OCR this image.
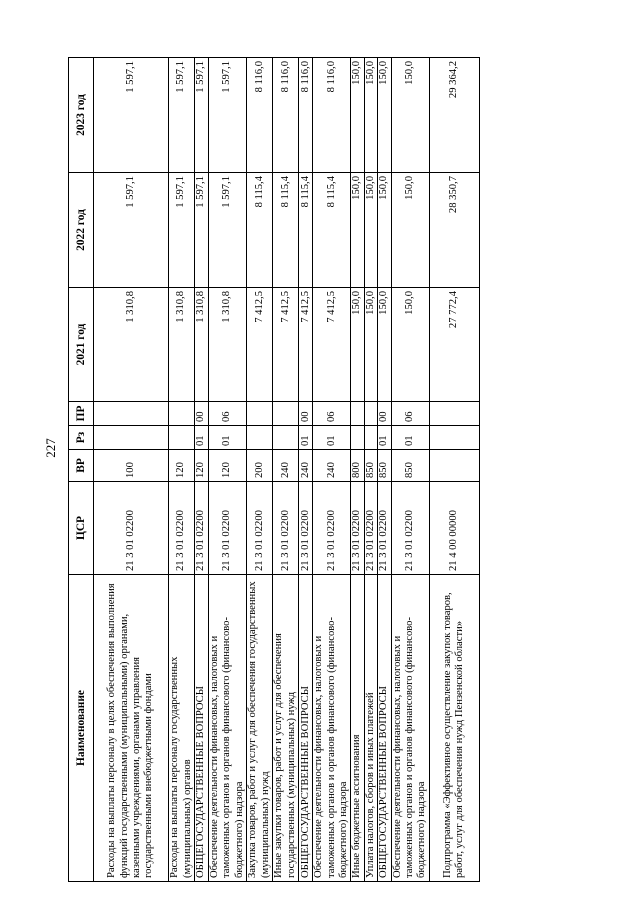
227
Наименование	ЦСР	ВР	Рз	ПР	2021 год	2022 год	2023 год
Расходы на выплаты персоналу в целях обеспечения выполнения функций государственными (муниципальными) органами, казенными учреждениями, органами управления государственными внебюджетными фондами	21 3 01 02200	100			1 310,8	1 597,1	1 597,1
Расходы на выплаты персоналу государственных (муниципальных) органов	21 3 01 02200	120			1 310,8	1 597,1	1 597,1
ОБЩЕГОСУДАРСТВЕННЫЕ ВОПРОСЫ	21 3 01 02200	120	01	00	1 310,8	1 597,1	1 597,1
Обеспечение деятельности финансовых, налоговых и таможенных органов и органов финансового (финансово-бюджетного) надзора	21 3 01 02200	120	01	06	1 310,8	1 597,1	1 597,1
Закупка товаров, работ и услуг для обеспечения государственных (муниципальных) нужд	21 3 01 02200	200			7 412,5	8 115,4	8 116,0
Иные закупки товаров, работ и услуг для обеспечения государственных (муниципальных) нужд	21 3 01 02200	240			7 412,5	8 115,4	8 116,0
ОБЩЕГОСУДАРСТВЕННЫЕ ВОПРОСЫ	21 3 01 02200	240	01	00	7 412,5	8 115,4	8 116,0
Обеспечение деятельности финансовых, налоговых и таможенных органов и органов финансового (финансово-бюджетного) надзора	21 3 01 02200	240	01	06	7 412,5	8 115,4	8 116,0
Иные бюджетные ассигнования	21 3 01 02200	800			150,0	150,0	150,0
Уплата налогов, сборов и иных платежей	21 3 01 02200	850			150,0	150,0	150,0
ОБЩЕГОСУДАРСТВЕННЫЕ ВОПРОСЫ	21 3 01 02200	850	01	00	150,0	150,0	150,0
Обеспечение деятельности финансовых, налоговых и таможенных органов и органов финансового (финансово-бюджетного) надзора	21 3 01 02200	850	01	06	150,0	150,0	150,0
Подпрограмма «Эффективное осуществление закупок товаров, работ, услуг для обеспечения нужд Пензенской области»	21 4 00 00000				27 772,4	28 350,7	29 364,2
